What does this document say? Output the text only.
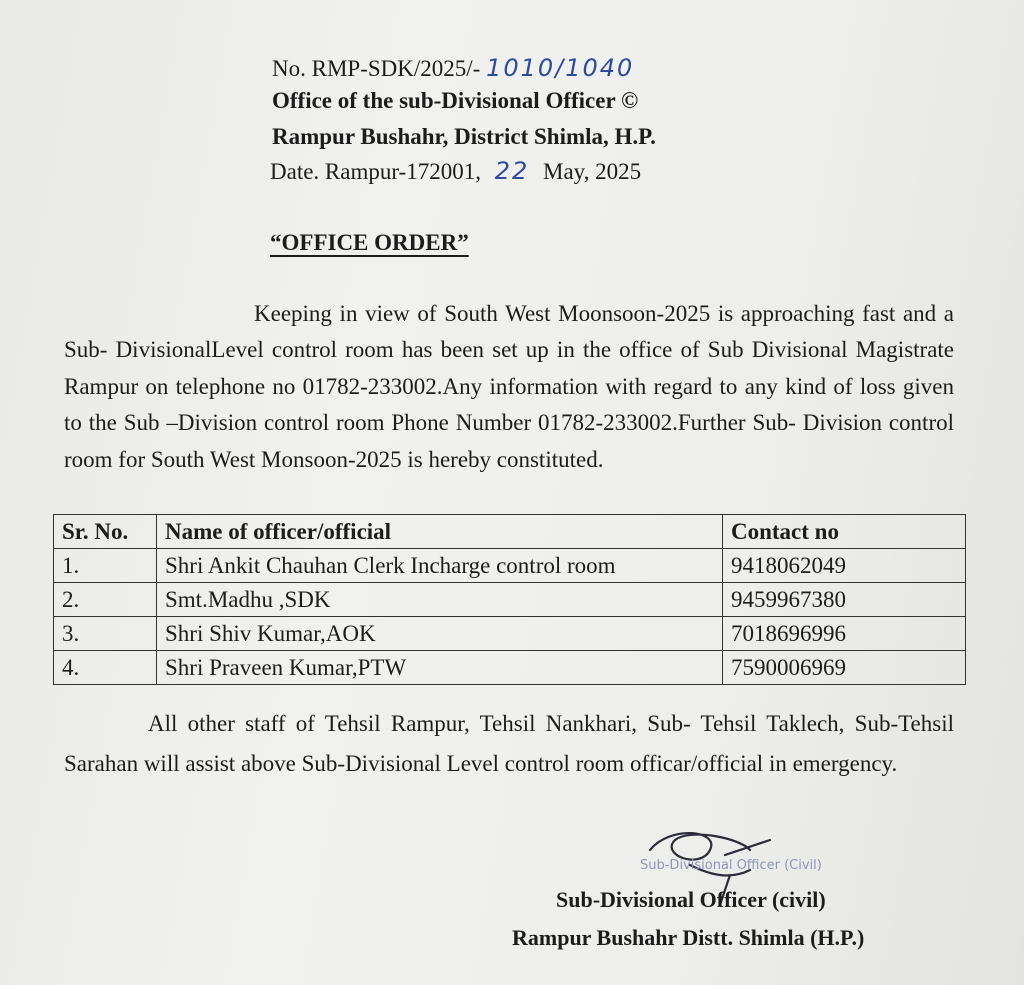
No. RMP-SDK/2025/- 1010/1040
Office of the sub-Divisional Officer ©
Rampur Bushahr, District Shimla, H.P.
Date. Rampur-172001, 22 May, 2025
“OFFICE ORDER”
Keeping in view of South West Moonsoon-2025 is approaching fast and a Sub- DivisionalLevel control room has been set up in the office of Sub Divisional Magistrate Rampur on telephone no 01782-233002.Any information with regard to any kind of loss given to the Sub –Division control room Phone Number 01782-233002.Further Sub- Division control room for South West Monsoon-2025 is hereby constituted.
Sr. No.	Name of officer/official	Contact no
1.	Shri Ankit Chauhan Clerk Incharge control room	9418062049
2.	Smt.Madhu ,SDK	9459967380
3.	Shri Shiv Kumar,AOK	7018696996
4.	Shri Praveen Kumar,PTW	7590006969
All other staff of Tehsil Rampur, Tehsil Nankhari, Sub- Tehsil Taklech, Sub-Tehsil Sarahan will assist above Sub-Divisional Level control room officar/official in emergency.
Sub-Divisional Officer (Civil)
Sub-Divisional Officer (civil)
Rampur Bushahr Distt. Shimla (H.P.)
